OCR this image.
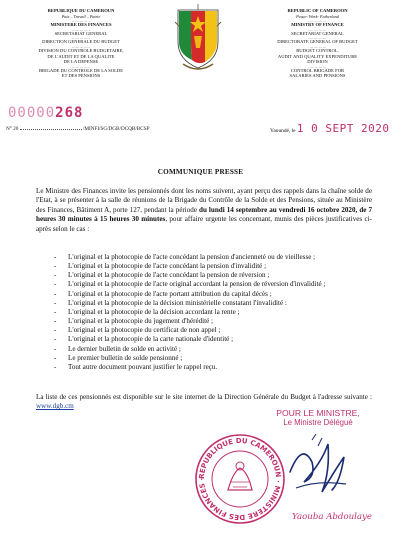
REPUBLIQUE DU CAMEROUN
Paix – Travail – Patrie
..............
MINISTERE DES FINANCES
..............
SECRETARIAT GENERAL
..............
DIRECTION GENERALE DU BUDGET
..............
DIVISION DU CONTROLE BUDGETAIRE,
DE L'AUDIT ET DE LA QUALITE
DE LA DEPENSE
..............
BRIGADE DU CONTROLE DE LA SOLDE
ET DES PENSIONS
REPUBLIC OF CAMEROON
Peace- Work- Fatherland
..............
MINISTRY OF FINANCE
..............
SECRETARIAT GENERAL
..............
DIRECTORATE GENERAL OF BUDGET
..............
BUDGET CONTROL,
AUDIT AND QUALITY EXPENDITURE
DIVISION
..............
CONTROL BRIGADE FOR
SALARIES AND PENSIONS
00000268
N° 20	/MINFI/SG/DGB/DCQB/BCSP	Yaoundé, le 1 0 SEPT 2020
COMMUNIQUE PRESSE
Le Ministre des Finances invite les pensionnés dont les noms suivent, ayant perçu des rappels dans la chaîne solde de l'Etat, à se présenter à la salle de réunions de la Brigade du Contrôle de la Solde et des Pensions, située au Ministère des Finances, Bâtiment A, porte 127, pendant la période du lundi 14 septembre au vendredi 16 octobre 2020, de 7 heures 30 minutes à 15 heures 30 minutes, pour affaire urgente les concernant, munis des pièces justificatives ci-après selon le cas :
- L'original et la photocopie de l'acte concédant la pension d'ancienneté ou de vieillesse ;
- L'original et la photocopie de l'acte concédant la pension d'invalidité ;
- L'original et la photocopie de l'acte concédant la pension de réversion ;
- L'original et la photocopie de l'acte original accordant la pension de réversion d'invalidité ;
- L'original et la photocopie de l'acte portant attribution du capital décès ;
- L'original et la photocopie de la décision ministérielle constatant l'invalidité :
- L'original et la photocopie de la décision accordant la rente ;
- L'original et la photocopie du jugement d'hérédité ;
- L'original et la photocopie du certificat de non appel ;
- L'original et la photocopie de la carte nationale d'identité ;
- Le dernier bulletin de solde en activité ;
- Le premier bulletin de solde pensionné ;
- Tout autre document pouvant justifier le rappel reçu.
La liste de ces pensionnés est disponible sur le site internet de la Direction Générale du Budget à l'adresse suivante : www.dgb.cm
POUR LE MINISTRE,
Le Ministre Délégué
REPUBLIQUE DU CAMEROUN · MINISTERE DES FINANCES ·
Yaouba Abdoulaye
